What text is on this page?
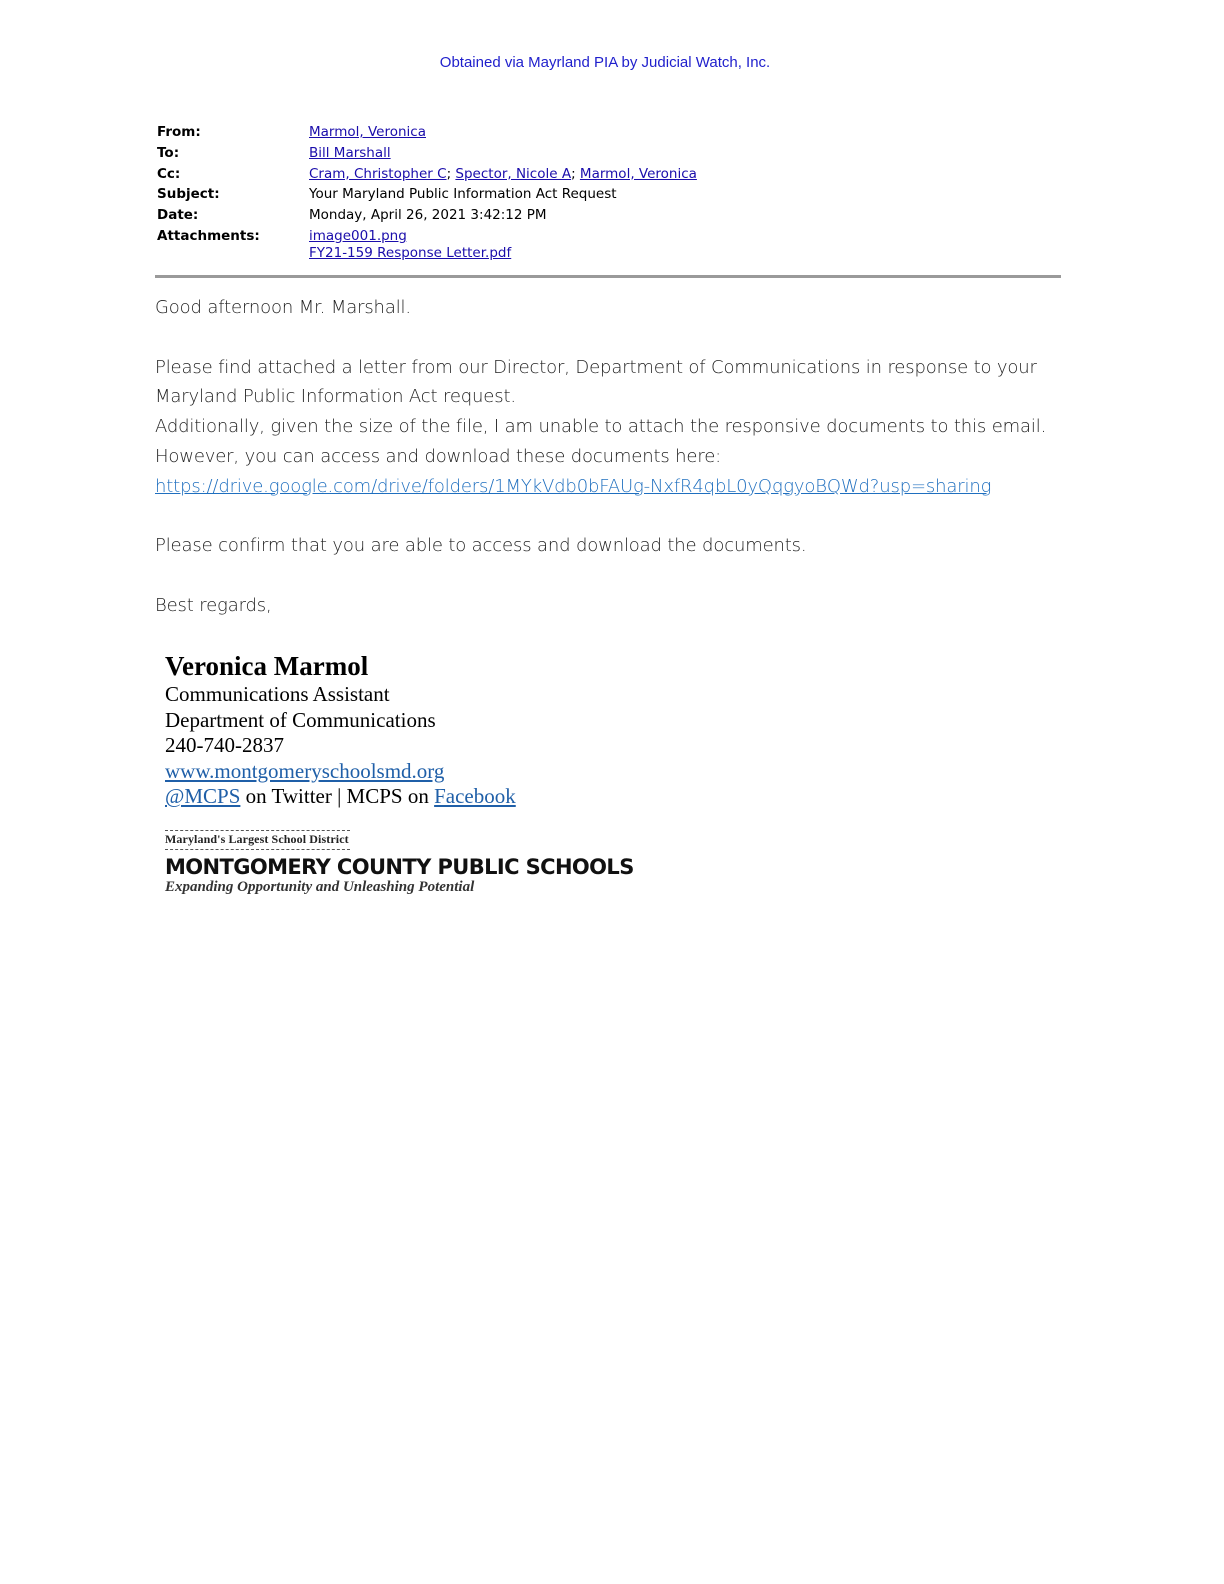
Obtained via Mayrland PIA by Judicial Watch, Inc.
From:	Marmol, Veronica
To:	Bill Marshall
Cc:	Cram, Christopher C; Spector, Nicole A; Marmol, Veronica
Subject:	Your Maryland Public Information Act Request
Date:	Monday, April 26, 2021 3:42:12 PM
Attachments:	image001.png
FY21-159 Response Letter.pdf

Good afternoon Mr. Marshall.

Please find attached a letter from our Director, Department of Communications in response to your

Maryland Public Information Act request.

Additionally, given the size of the file, I am unable to attach the responsive documents to this email.

However, you can access and download these documents here:

https://drive.google.com/drive/folders/1MYkVdb0bFAUg-NxfR4qbL0yQqgyoBQWd?usp=sharing

Please confirm that you are able to access and download the documents.

Best regards,

Veronica Marmol
Communications Assistant
Department of Communications
240-740-2837
www.montgomeryschoolsmd.org
@MCPS on Twitter | MCPS on Facebook
Maryland's Largest School District
MONTGOMERY COUNTY PUBLIC SCHOOLS
Expanding Opportunity and Unleashing Potential
